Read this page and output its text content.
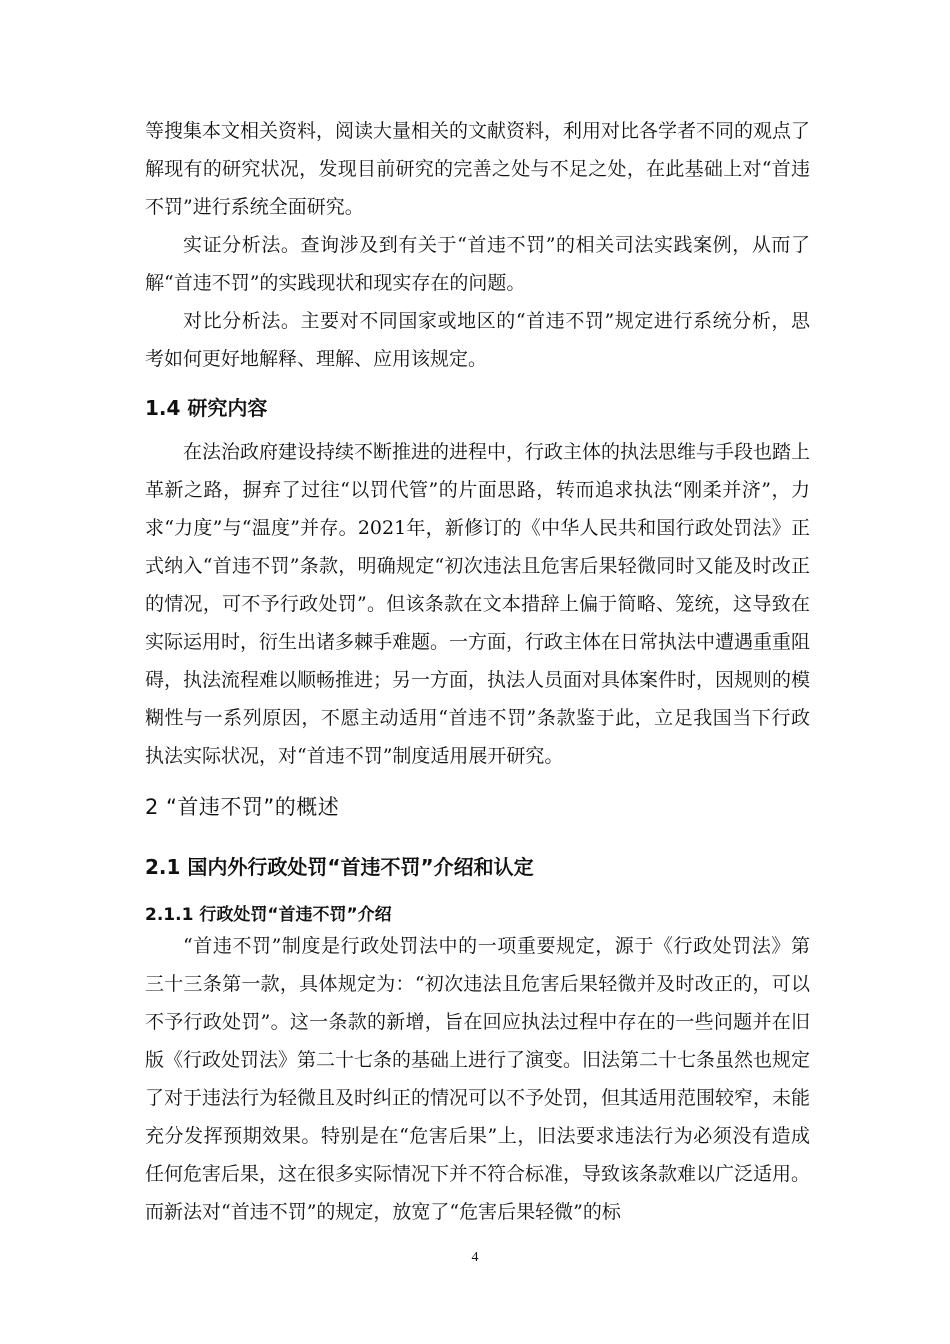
等搜集本文相关资料，阅读大量相关的文献资料，利用对比各学者不同的观点了解现有的研究状况，发现目前研究的完善之处与不足之处，在此基础上对“首违不罚”进行系统全面研究。

实证分析法。查询涉及到有关于“首违不罚”的相关司法实践案例，从而了解“首违不罚”的实践现状和现实存在的问题。

对比分析法。主要对不同国家或地区的“首违不罚”规定进行系统分析，思考如何更好地解释、理解、应用该规定。

1.4 研究内容

在法治政府建设持续不断推进的进程中，行政主体的执法思维与手段也踏上革新之路，摒弃了过往“以罚代管”的片面思路，转而追求执法“刚柔并济”，力求“力度”与“温度”并存。2021年，新修订的《中华人民共和国行政处罚法》正式纳入“首违不罚”条款，明确规定“初次违法且危害后果轻微同时又能及时改正的情况，可不予行政处罚”。但该条款在文本措辞上偏于简略、笼统，这导致在实际运用时，衍生出诸多棘手难题。一方面，行政主体在日常执法中遭遇重重阻碍，执法流程难以顺畅推进；另一方面，执法人员面对具体案件时，因规则的模糊性与一系列原因，不愿主动适用“首违不罚”条款鉴于此，立足我国当下行政执法实际状况，对“首违不罚”制度适用展开研究。

2 “首违不罚”的概述
2.1 国内外行政处罚“首违不罚”介绍和认定
2.1.1 行政处罚“首违不罚”介绍

“首违不罚”制度是行政处罚法中的一项重要规定，源于《行政处罚法》第三十三条第一款，具体规定为：“初次违法且危害后果轻微并及时改正的，可以不予行政处罚”。这一条款的新增，旨在回应执法过程中存在的一些问题并在旧版《行政处罚法》第二十七条的基础上进行了演变。旧法第二十七条虽然也规定了对于违法行为轻微且及时纠正的情况可以不予处罚，但其适用范围较窄，未能充分发挥预期效果。特别是在“危害后果”上，旧法要求违法行为必须没有造成任何危害后果，这在很多实际情况下并不符合标准，导致该条款难以广泛适用。而新法对“首违不罚”的规定，放宽了“危害后果轻微”的标

4
